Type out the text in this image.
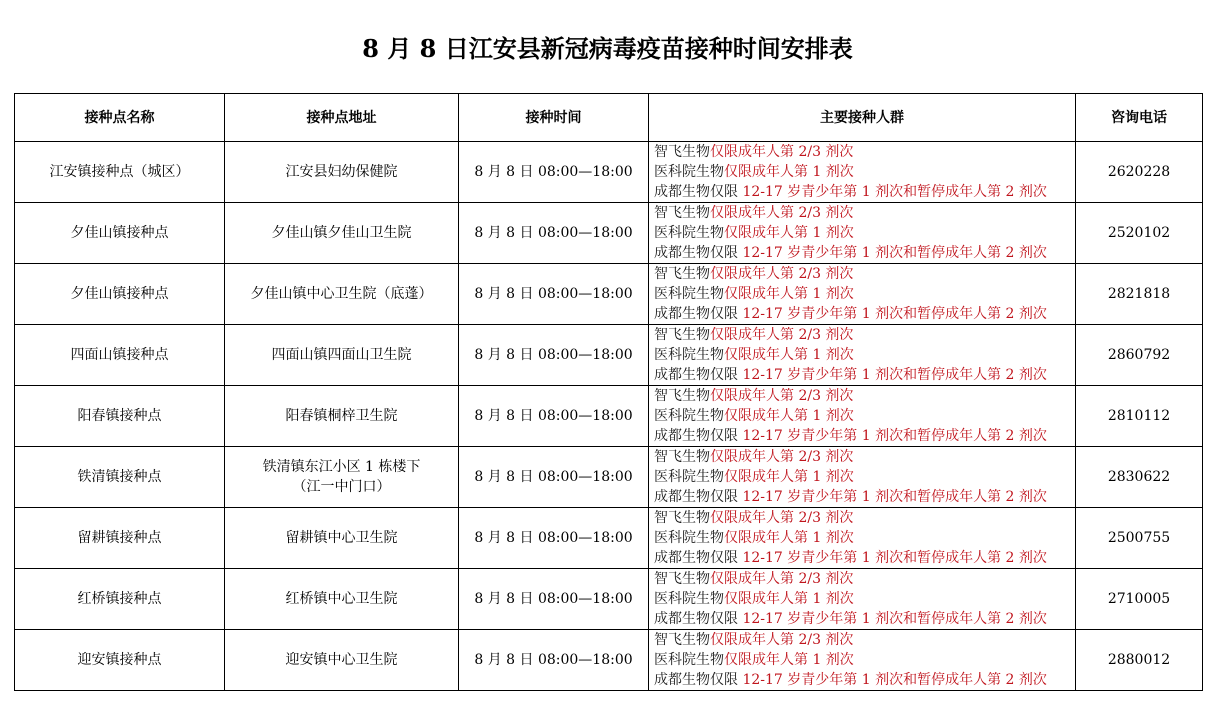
8 月 8 日江安县新冠病毒疫苗接种时间安排表
接种点名称	接种点地址	接种时间	主要接种人群	咨询电话
江安镇接种点（城区）	江安县妇幼保健院	8 月 8 日 08:00—18:00	智飞生物仅限成年人第 2/3 剂次
医科院生物仅限成年人第 1 剂次
成都生物仅限 12-17 岁青少年第 1 剂次和暂停成年人第 2 剂次	2620228
夕佳山镇接种点	夕佳山镇夕佳山卫生院	8 月 8 日 08:00—18:00	智飞生物仅限成年人第 2/3 剂次
医科院生物仅限成年人第 1 剂次
成都生物仅限 12-17 岁青少年第 1 剂次和暂停成年人第 2 剂次	2520102
夕佳山镇接种点	夕佳山镇中心卫生院（底蓬）	8 月 8 日 08:00—18:00	智飞生物仅限成年人第 2/3 剂次
医科院生物仅限成年人第 1 剂次
成都生物仅限 12-17 岁青少年第 1 剂次和暂停成年人第 2 剂次	2821818
四面山镇接种点	四面山镇四面山卫生院	8 月 8 日 08:00—18:00	智飞生物仅限成年人第 2/3 剂次
医科院生物仅限成年人第 1 剂次
成都生物仅限 12-17 岁青少年第 1 剂次和暂停成年人第 2 剂次	2860792
阳春镇接种点	阳春镇桐梓卫生院	8 月 8 日 08:00—18:00	智飞生物仅限成年人第 2/3 剂次
医科院生物仅限成年人第 1 剂次
成都生物仅限 12-17 岁青少年第 1 剂次和暂停成年人第 2 剂次	2810112
铁清镇接种点	铁清镇东江小区 1 栋楼下
（江一中门口）	8 月 8 日 08:00—18:00	智飞生物仅限成年人第 2/3 剂次
医科院生物仅限成年人第 1 剂次
成都生物仅限 12-17 岁青少年第 1 剂次和暂停成年人第 2 剂次	2830622
留耕镇接种点	留耕镇中心卫生院	8 月 8 日 08:00—18:00	智飞生物仅限成年人第 2/3 剂次
医科院生物仅限成年人第 1 剂次
成都生物仅限 12-17 岁青少年第 1 剂次和暂停成年人第 2 剂次	2500755
红桥镇接种点	红桥镇中心卫生院	8 月 8 日 08:00—18:00	智飞生物仅限成年人第 2/3 剂次
医科院生物仅限成年人第 1 剂次
成都生物仅限 12-17 岁青少年第 1 剂次和暂停成年人第 2 剂次	2710005
迎安镇接种点	迎安镇中心卫生院	8 月 8 日 08:00—18:00	智飞生物仅限成年人第 2/3 剂次
医科院生物仅限成年人第 1 剂次
成都生物仅限 12-17 岁青少年第 1 剂次和暂停成年人第 2 剂次	2880012
